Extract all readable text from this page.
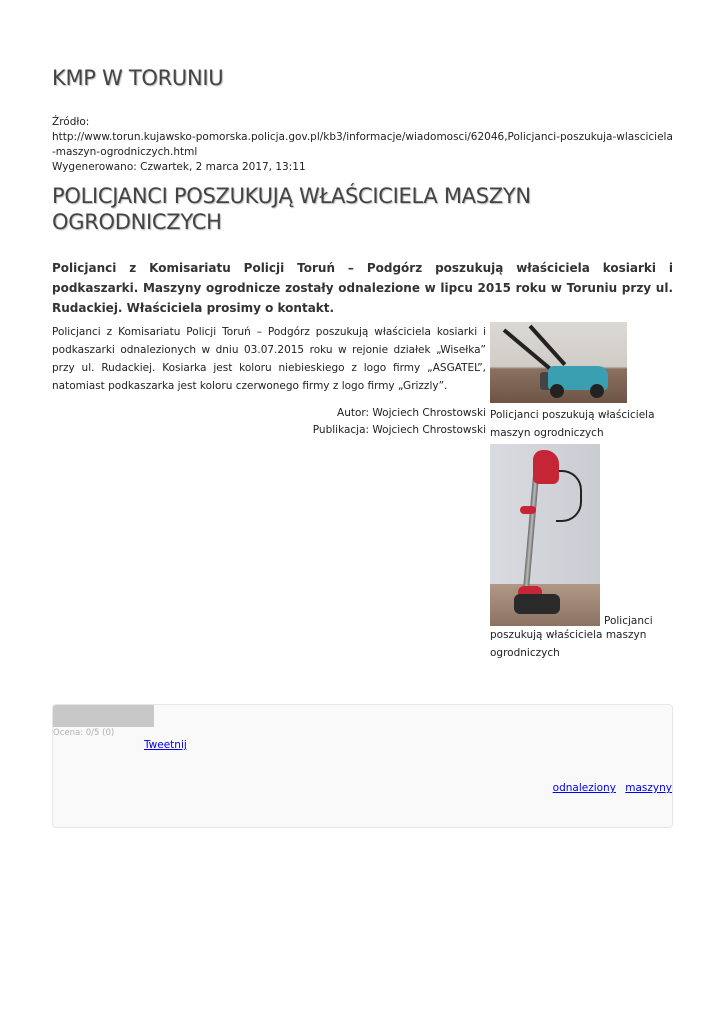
KMP W TORUNIU
Źródło:

http://www.torun.kujawsko-pomorska.policja.gov.pl/kb3/informacje/wiadomosci/62046,Policjanci-poszukuja-wlasciciela-maszyn-ogrodniczych.html
Wygenerowano: Czwartek, 2 marca 2017, 13:11
POLICJANCI POSZUKUJĄ WŁAŚCICIELA MASZYN OGRODNICZYCH

Policjanci z Komisariatu Policji Toruń – Podgórz poszukują właściciela kosiarki i podkaszarki. Maszyny ogrodnicze zostały odnalezione w lipcu 2015 roku w Toruniu przy ul. Rudackiej. Właściciela prosimy o kontakt.

Policjanci z Komisariatu Policji Toruń – Podgórz poszukują właściciela kosiarki i podkaszarki odnalezionych w dniu 03.07.2015 roku w rejonie działek „Wisełka” przy ul. Rudackiej. Kosiarka jest koloru niebieskiego z logo firmy „ASGATEL”, natomiast podkaszarka jest koloru czerwonego firmy z logo firmy „Grizzly”.

Autor: Wojciech Chrostowski
Publikacja: Wojciech Chrostowski
Policjanci poszukują właściciela maszyn ogrodniczych
Policjanci
poszukują właściciela maszyn ogrodniczych
Ocena: 0/5 (0)
Tweetnij
odnaleziony maszyny
